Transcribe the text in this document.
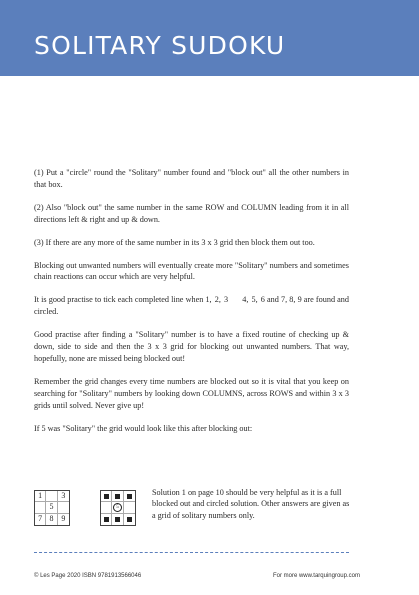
SOLITARY SUDOKU

(1) Put a "circle" round the "Solitary" number found and "block out" all the other numbers in that box.

(2) Also "block out" the same number in the same ROW and COLUMN leading from it in all directions left & right and up & down.

(3) If there are any more of the same number in its 3 x 3 grid then block them out too.

Blocking out unwanted numbers will eventually create more "Solitary" numbers and sometimes chain reactions can occur which are very helpful.

It is good practise to tick each completed line when 1, 2, 3 4, 5, 6 and 7, 8, 9 are found and circled.

Good practise after finding a "Solitary" number is to have a fixed routine of checking up & down, side to side and then the 3 x 3 grid for blocking out unwanted numbers. That way, hopefully, none are missed being blocked out!

Remember the grid changes every time numbers are blocked out so it is vital that you keep on searching for "Solitary" numbers by looking down COLUMNS, across ROWS and within 3 x 3 grids until solved. Never give up!

If 5 was "Solitary" the grid would look like this after blocking out:

1	3
5
7 8 9
5
Solution 1 on page 10 should be very helpful as it is a full blocked out and circled solution. Other answers are given as a grid of solitary numbers only.
© Les Page 2020 ISBN 9781913566046	For more www.tarquingroup.com
